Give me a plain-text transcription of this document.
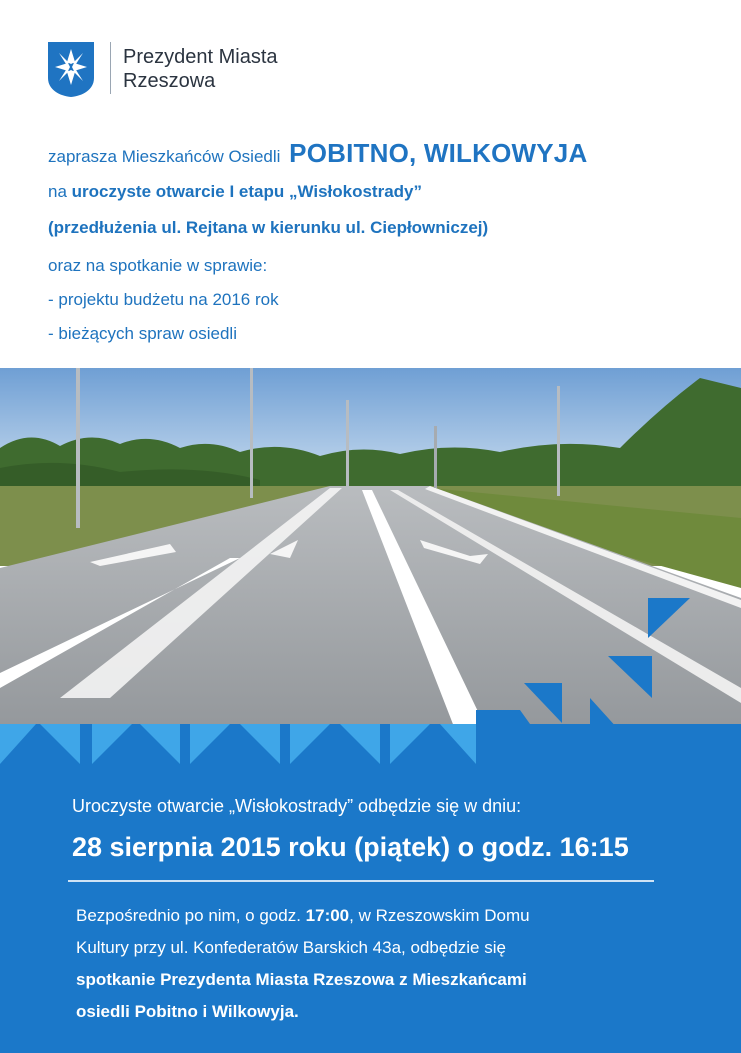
Prezydent Miasta
Rzeszowa
zaprasza Mieszkańców Osiedli POBITNO, WILKOWYJA
na uroczyste otwarcie I etapu „Wisłokostrady”
(przedłużenia ul. Rejtana w kierunku ul. Ciepłowniczej)
oraz na spotkanie w sprawie:
- projektu budżetu na 2016 rok
- bieżących spraw osiedli
Uroczyste otwarcie „Wisłokostrady” odbędzie się w dniu:
28 sierpnia 2015 roku (piątek) o godz. 16:15
Bezpośrednio po nim, o godz. 17:00, w Rzeszowskim Domu
Kultury przy ul. Konfederatów Barskich 43a, odbędzie się
spotkanie Prezydenta Miasta Rzeszowa z Mieszkańcami
osiedli Pobitno i Wilkowyja.
